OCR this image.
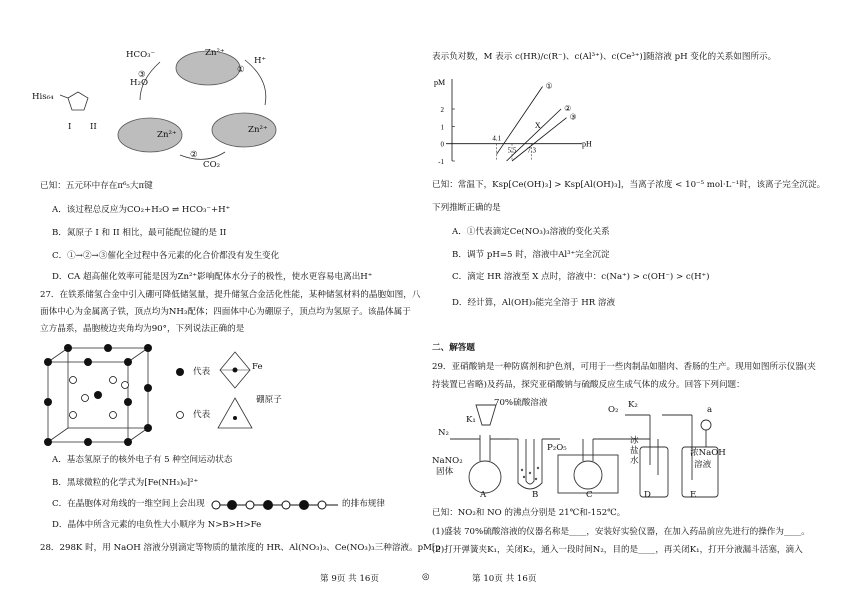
HCO₃⁻
③
H₂O
Zn²⁺
①
H⁺
His₆₄
I II
Zn²⁺	Zn²⁺
②
CO₂
已知：五元环中存在π⁶₅大π键
A．该过程总反应为CO₂+H₂O ⇌ HCO₃⁻+H⁺
B．氮原子 I 和 II 相比，最可能配位键的是 II
C．①→②→③催化全过程中各元素的化合价都没有发生变化
D．CA 超高催化效率可能是因为Zn²⁺影响配体水分子的极性，使水更容易电离出H⁺
27．在铁系储氢合金中引入硼可降低储氢量，提升储氢合金活化性能，某种储氢材料的晶胞如图，八
面体中心为金属离子铁，顶点均为NH₃配体；四面体中心为硼原子，顶点均为氢原子。该晶体属于
立方晶系，晶胞棱边夹角均为90°，下列说法正确的是
代表
代表
Fe
硼原子
A．基态氢原子的核外电子有 5 种空间运动状态
B．黑球微粒的化学式为[Fe(NH₃)₆]²⁺
C．在晶胞体对角线的一维空间上会出现	的排布规律
D．晶体中所含元素的电负性大小顺序为 N>B>H>Fe
28．298K 时，用 NaOH 溶液分别滴定等物质的量浓度的 HR、Al(NO₃)₃、Ce(NO₃)₃三种溶液。pM[p
表示负对数，M 表示 c(HR)/c(R⁻)、c(Al³⁺)、c(Ce³⁺)]随溶液 pH 变化的关系如图所示。
pM
pH
2
1
0
-1
4.1
5.5 7.3
①
②
③
X
已知：常温下，Ksp[Ce(OH)₃] > Ksp[Al(OH)₃]，当离子浓度 < 10⁻⁵ mol·L⁻¹时，该离子完全沉淀。
下列推断正确的是
A．①代表滴定Ce(NO₃)₃溶液的变化关系
B．调节 pH=5 时，溶液中Al³⁺完全沉淀
C．滴定 HR 溶液至 X 点时，溶液中：c(Na⁺) > c(OH⁻) > c(H⁺)
D．经计算，Al(OH)₃能完全溶于 HR 溶液
二、解答题
29．亚硝酸钠是一种防腐剂和护色剂，可用于一些肉制品如腊肉、香肠的生产。现用如图所示仪器(夹
持装置已省略)及药品，探究亚硝酸钠与硫酸反应生成气体的成分。回答下列问题：
70%硫酸溶液
K₁
N₂
P₂O₅
NaNO₂
固体
O₂ K₂	a
冰盐水
浓NaOH
溶液
A	B	C	D	E
已知：NO₂和 NO 的沸点分别是 21℃和-152℃。
(1)盛装 70%硫酸溶液的仪器名称是____，安装好实验仪器，在加入药品前应先进行的操作为____。
(2)打开弹簧夹K₁，关闭K₂，通入一段时间N₂，目的是____，再关闭K₁，打开分液漏斗活塞，滴入
第 9页 共 16页	◎	第 10页 共 16页
